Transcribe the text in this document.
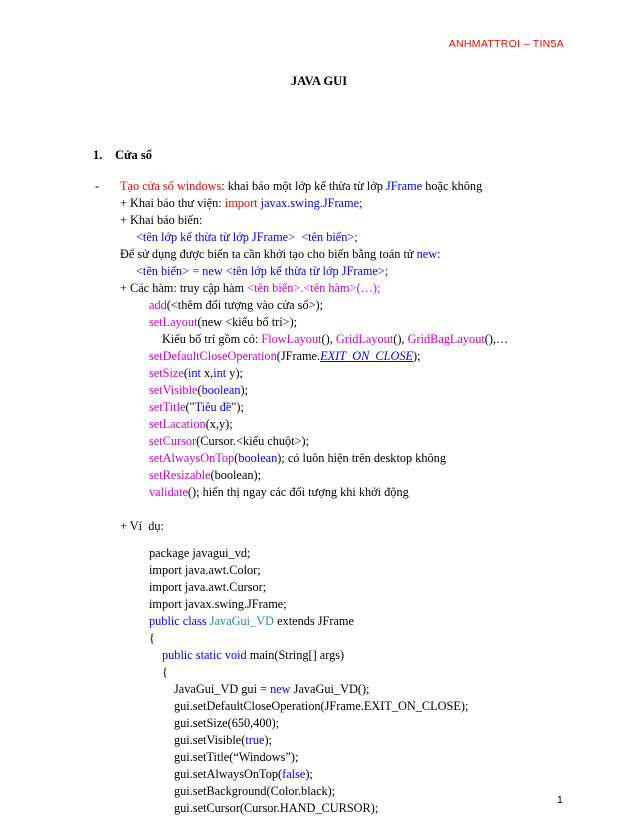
ANHMATTROI – TIN5A
JAVA GUI
1. Cửa sổ
- Tạo cửa sổ windows: khai báo một lớp kế thừa từ lớp JFrame hoặc không
+ Khai báo thư viện: import javax.swing.JFrame;
+ Khai báo biến:
<tên lớp kế thừa từ lớp JFrame>  <tên biến>;
Để sử dụng được biến ta cần khởi tạo cho biến bằng toán tử new:
<tên biến> = new <tên lớp kế thừa từ lớp JFrame>;
+ Các hàm: truy cập hàm <tên biến>.<tên hàm>(…);
add(<thêm đối tượng vào cửa sổ>);
setLayout(new <kiểu bố trí>);
Kiểu bố trí gồm có: FlowLayout(), GridLayout(), GridBagLayout(),…
setDefaultCloseOperation(JFrame.EXIT_ON_CLOSE);
setSize(int x,int y);
setVisible(boolean);
setTitle("Tiêu đề");
setLacation(x,y);
setCursor(Cursor.<kiểu chuột>);
setAlwaysOnTop(boolean); có luôn hiện trên desktop không
setResizable(boolean);
validate(); hiển thị ngay các đối tượng khi khởi động
+ Ví  dụ:
package javagui_vd;
import java.awt.Color;
import java.awt.Cursor;
import javax.swing.JFrame;
public class JavaGui_VD extends JFrame
{
public static void main(String[] args)
{
JavaGui_VD gui = new JavaGui_VD();
gui.setDefaultCloseOperation(JFrame.EXIT_ON_CLOSE);
gui.setSize(650,400);
gui.setVisible(true);
gui.setTitle(“Windows”);
gui.setAlwaysOnTop(false);
gui.setBackground(Color.black);
gui.setCursor(Cursor.HAND_CURSOR);
1
